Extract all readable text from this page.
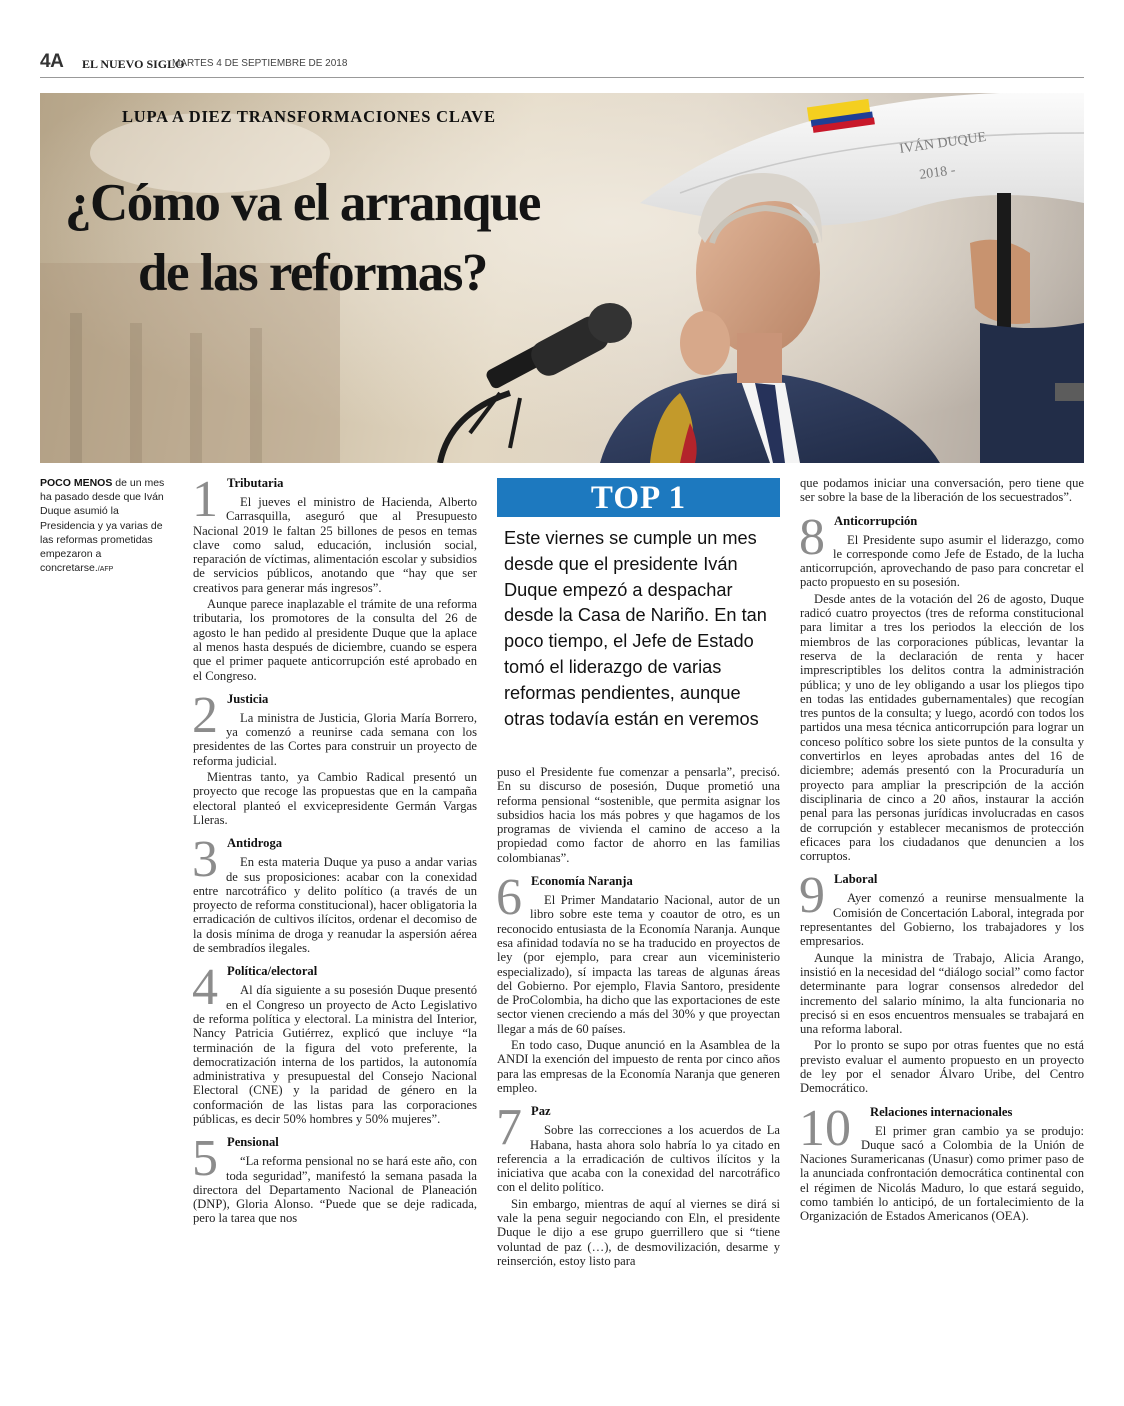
4A EL NUEVO SIGLO
MARTES 4 DE SEPTIEMBRE DE 2018
IVÁN DUQUE
2018 -
LUPA A DIEZ TRANSFORMACIONES CLAVE
¿Cómo va el arranque
de las reformas?
POCO MENOS de un mes ha pasado desde que Iván Duque asumió la Presidencia y ya varias de las reformas prometidas empezaron a concretarse./AFP
1 Tributaria

El jueves el ministro de Hacienda, Alberto Carrasquilla, aseguró que al Presupuesto Nacional 2019 le faltan 25 billones de pesos en temas clave como salud, educación, inclusión social, reparación de víctimas, alimentación escolar y subsidios de servicios públicos, anotando que “hay que ser creativos para generar más ingresos”.

Aunque parece inaplazable el trámite de una reforma tributaria, los promotores de la consulta del 26 de agosto le han pedido al presidente Duque que la aplace al menos hasta después de diciembre, cuando se espera que el primer paquete anticorrupción esté aprobado en el Congreso.

2 Justicia

La ministra de Justicia, Gloria María Borrero, ya comenzó a reunirse cada semana con los presidentes de las Cortes para construir un proyecto de reforma judicial.

Mientras tanto, ya Cambio Radical presentó un proyecto que recoge las propuestas que en la campaña electoral planteó el exvicepresidente Germán Vargas Lleras.

3 Antidroga

En esta materia Duque ya puso a andar varias de sus proposiciones: acabar con la conexidad entre narcotráfico y delito político (a través de un proyecto de reforma constitucional), hacer obligatoria la erradicación de cultivos ilícitos, ordenar el decomiso de la dosis mínima de droga y reanudar la aspersión aérea de sembradíos ilegales.

4 Política/electoral

Al día siguiente a su posesión Duque presentó en el Congreso un proyecto de Acto Legislativo de reforma política y electoral. La ministra del Interior, Nancy Patricia Gutiérrez, explicó que incluye “la terminación de la figura del voto preferente, la democratización interna de los partidos, la autonomía administrativa y presupuestal del Consejo Nacional Electoral (CNE) y la paridad de género en la conformación de las listas para las corporaciones públicas, es decir 50% hombres y 50% mujeres”.

5 Pensional

“La reforma pensional no se hará este año, con toda seguridad”, manifestó la semana pasada la directora del Departamento Nacional de Planeación (DNP), Gloria Alonso. “Puede que se deje radicada, pero la tarea que nos

TOP 1
Este viernes se cumple un mes desde que el presidente Iván Duque empezó a despachar desde la Casa de Nariño. En tan poco tiempo, el Jefe de Estado tomó el liderazgo de varias reformas pendientes, aunque otras todavía están en veremos

puso el Presidente fue comenzar a pensarla”, precisó. En su discurso de posesión, Duque prometió una reforma pensional “sostenible, que permita asignar los subsidios hacia los más pobres y que hagamos de los programas de vivienda el camino de acceso a la propiedad como factor de ahorro en las familias colombianas”.

6 Economía Naranja

El Primer Mandatario Nacional, autor de un libro sobre este tema y coautor de otro, es un reconocido entusiasta de la Economía Naranja. Aunque esa afinidad todavía no se ha traducido en proyectos de ley (por ejemplo, para crear aun viceministerio especializado), sí impacta las tareas de algunas áreas del Gobierno. Por ejemplo, Flavia Santoro, presidente de ProColombia, ha dicho que las exportaciones de este sector vienen creciendo a más del 30% y que proyectan llegar a más de 60 países.

En todo caso, Duque anunció en la Asamblea de la ANDI la exención del impuesto de renta por cinco años para las empresas de la Economía Naranja que generen empleo.

7 Paz

Sobre las correcciones a los acuerdos de La Habana, hasta ahora solo habría lo ya citado en referencia a la erradicación de cultivos ilícitos y la iniciativa que acaba con la conexidad del narcotráfico con el delito político.

Sin embargo, mientras de aquí al viernes se dirá si vale la pena seguir negociando con Eln, el presidente Duque le dijo a ese grupo guerrillero que si “tiene voluntad de paz (…), de desmovilización, desarme y reinserción, estoy listo para

que podamos iniciar una conversación, pero tiene que ser sobre la base de la liberación de los secuestrados”.

8 Anticorrupción

El Presidente supo asumir el liderazgo, como le corresponde como Jefe de Estado, de la lucha anticorrupción, aprovechando de paso para concretar el pacto propuesto en su posesión.

Desde antes de la votación del 26 de agosto, Duque radicó cuatro proyectos (tres de reforma constitucional para limitar a tres los periodos la elección de los miembros de las corporaciones públicas, levantar la reserva de la declaración de renta y hacer imprescriptibles los delitos contra la administración pública; y uno de ley obligando a usar los pliegos tipo en todas las entidades gubernamentales) que recogían tres puntos de la consulta; y luego, acordó con todos los partidos una mesa técnica anticorrupción para lograr un conceso político sobre los siete puntos de la consulta y convertirlos en leyes aprobadas antes del 16 de diciembre; además presentó con la Procuraduría un proyecto para ampliar la prescripción de la acción disciplinaria de cinco a 20 años, instaurar la acción penal para las personas jurídicas involucradas en casos de corrupción y establecer mecanismos de protección eficaces para los ciudadanos que denuncien a los corruptos.

9 Laboral

Ayer comenzó a reunirse mensualmente la Comisión de Concertación Laboral, integrada por representantes del Gobierno, los trabajadores y los empresarios.

Aunque la ministra de Trabajo, Alicia Arango, insistió en la necesidad del “diálogo social” como factor determinante para lograr consensos alrededor del incremento del salario mínimo, la alta funcionaria no precisó si en esos encuentros mensuales se trabajará en una reforma laboral.

Por lo pronto se supo por otras fuentes que no está previsto evaluar el aumento propuesto en un proyecto de ley por el senador Álvaro Uribe, del Centro Democrático.

10	Relaciones internacionales

El primer gran cambio ya se produjo: Duque sacó a Colombia de la Unión de Naciones Suramericanas (Unasur) como primer paso de la anunciada confrontación democrática continental con el régimen de Nicolás Maduro, lo que estará seguido, como también lo anticipó, de un fortalecimiento de la Organización de Estados Americanos (OEA).
